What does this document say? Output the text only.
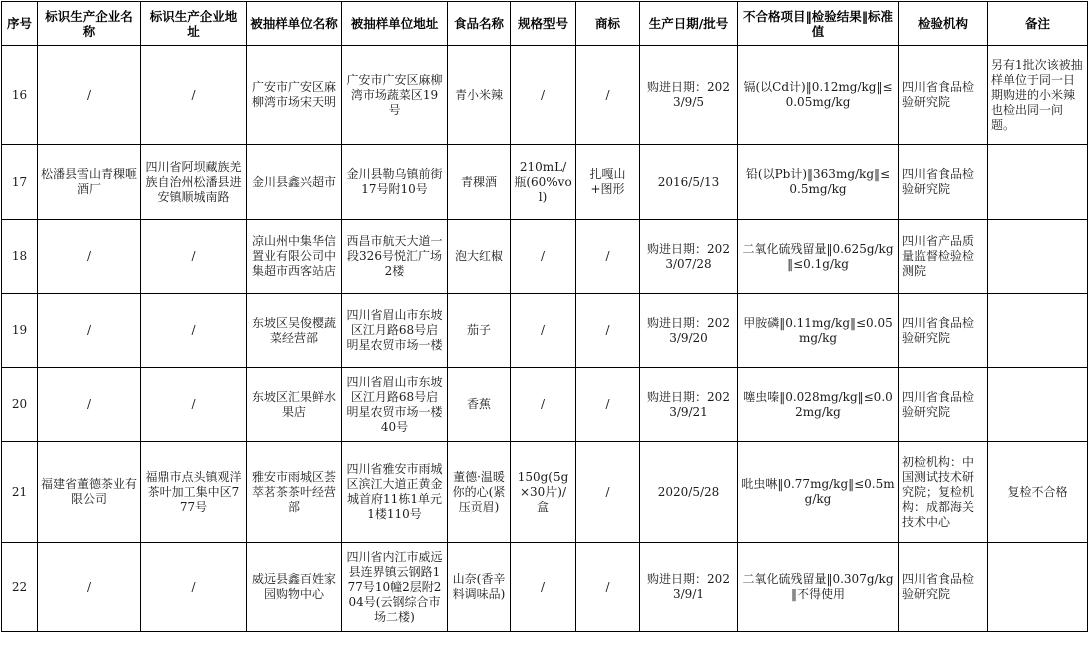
序号	标识生产企业名称	标识生产企业地址	被抽样单位名称	被抽样单位地址	食品名称	规格型号	商标	生产日期/批号	不合格项目‖检验结果‖标准值	检验机构	备注
16	/	/	广安市广安区麻柳湾市场宋天明	广安市广安区麻柳湾市场蔬菜区19号	青小米辣	/	/	购进日期：2023/9/5	镉(以Cd计)‖0.12mg/kg‖≤0.05mg/kg	四川省食品检验研究院	另有1批次该被抽样单位于同一日期购进的小米辣也检出同一问题。
17	松潘县雪山青稞咂酒厂	四川省阿坝藏族羌族自治州松潘县进安镇顺城南路	金川县鑫兴超市	金川县勒乌镇前街17号附10号	青稞酒	210mL/瓶(60%vol)	扎嘎山+图形	2016/5/13	铅(以Pb计)‖363mg/kg‖≤0.5mg/kg	四川省食品检验研究院	
18	/	/	凉山州中集华信置业有限公司中集超市西客站店	西昌市航天大道一段326号悦汇广场2楼	泡大红椒	/	/	购进日期：2023/07/28	二氧化硫残留量‖0.625g/kg‖≤0.1g/kg	四川省产品质量监督检验检测院	
19	/	/	东坡区吴俊樱蔬菜经营部	四川省眉山市东坡区江月路68号启明星农贸市场一楼	茄子	/	/	购进日期：2023/9/20	甲胺磷‖0.11mg/kg‖≤0.05mg/kg	四川省食品检验研究院	
20	/	/	东坡区汇果鲜水果店	四川省眉山市东坡区江月路68号启明星农贸市场一楼40号	香蕉	/	/	购进日期：2023/9/21	噻虫嗪‖0.028mg/kg‖≤0.02mg/kg	四川省食品检验研究院	
21	福建省董德茶业有限公司	福鼎市点头镇观洋茶叶加工集中区777号	雅安市雨城区荟萃茗茶茶叶经营部	四川省雅安市雨城区滨江大道正黄金城首府11栋1单元1楼110号	董德·温暖你的心(紧压贡眉)	150g(5g×30片)/盒	/	2020/5/28	吡虫啉‖0.77mg/kg‖≤0.5mg/kg	初检机构：中国测试技术研究院；复检机构：成都海关技术中心	复检不合格
22	/	/	威远县鑫百姓家园购物中心	四川省内江市威远县连界镇云钢路177号10幢2层附204号(云钢综合市场二楼)	山奈(香辛料调味品)	/	/	购进日期：2023/9/1	二氧化硫残留量‖0.307g/kg‖不得使用	四川省食品检验研究院	
